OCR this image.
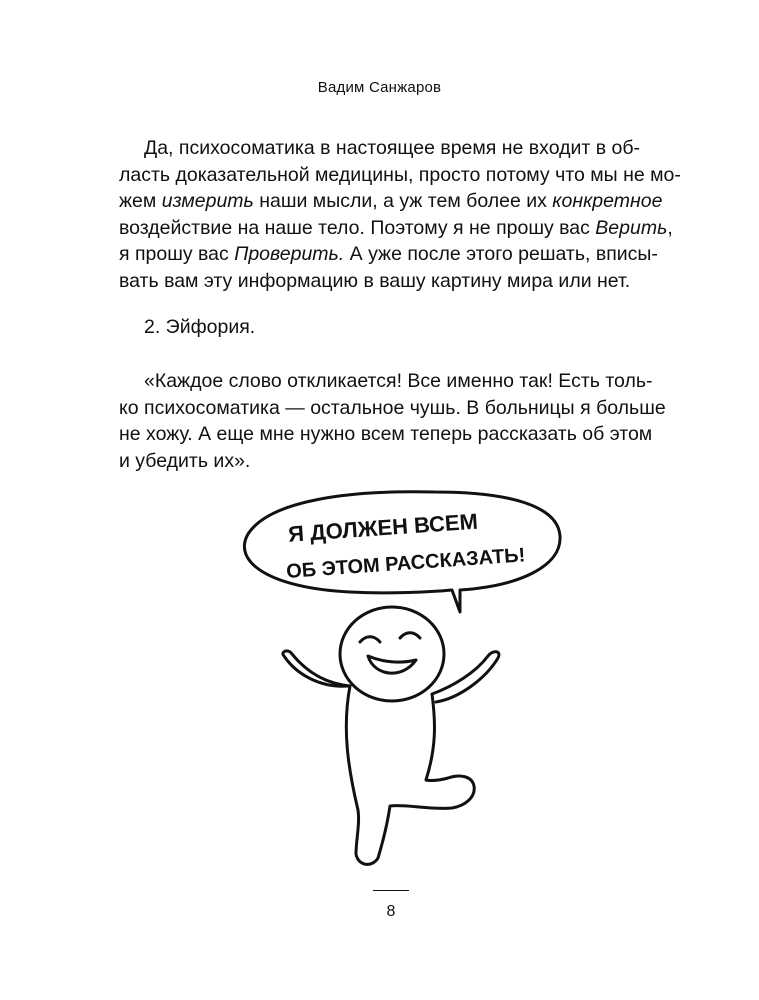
Вадим Санжаров
Да, психосоматика в настоящее время не входит в об-
ласть доказательной медицины, просто потому что мы не мо-
жем измерить наши мысли, а уж тем более их конкретное
воздействие на наше тело. Поэтому я не прошу вас Верить,
я прошу вас Проверить. А уже после этого решать, вписы-
вать вам эту информацию в вашу картину мира или нет.
2. Эйфория.
«Каждое слово откликается! Все именно так! Есть толь-
ко психосоматика — остальное чушь. В больницы я больше
не хожу. А еще мне нужно всем теперь рассказать об этом
и убедить их».
Я ДОЛЖЕН ВСЕМ
ОБ ЭТОМ РАССКАЗАТЬ!
8
